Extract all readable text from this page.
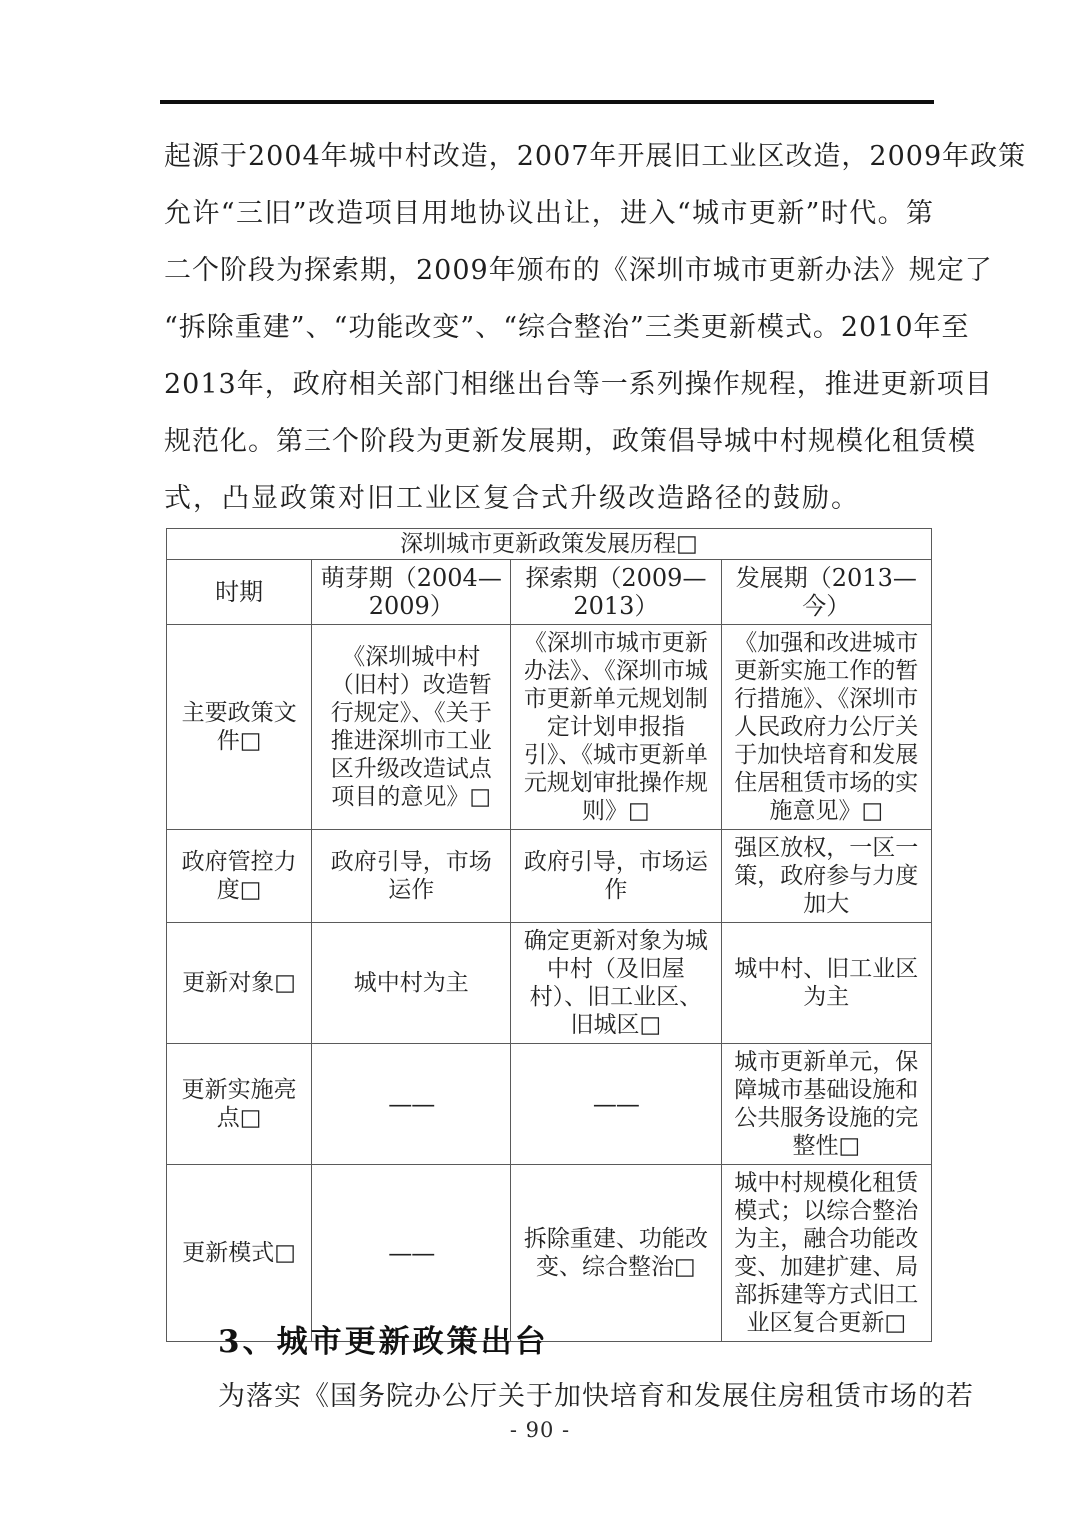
起源于2004年城中村改造，2007年开展旧工业区改造，2009年政策
允许“三旧”改造项目用地协议出让，进入“城市更新”时代。第
二个阶段为探索期，2009年颁布的《深圳市城市更新办法》规定了
“拆除重建”、“功能改变”、“综合整治”三类更新模式。2010年至
2013年，政府相关部门相继出台等一系列操作规程，推进更新项目
规范化。第三个阶段为更新发展期，政策倡导城中村规模化租赁模
式，凸显政策对旧工业区复合式升级改造路径的鼓励。
深圳城市更新政策发展历程□			
时期	萌芽期（2004—2009）	探索期（2009—2013）	发展期（2013—今）
主要政策文件□	《深圳城中村（旧村）改造暂行规定》、《关于推进深圳市工业区升级改造试点项目的意见》□	《深圳市城市更新办法》、《深圳市城市更新单元规划制定计划申报指引》、《城市更新单元规划审批操作规则》□	《加强和改进城市更新实施工作的暂行措施》、《深圳市人民政府力公厅关于加快培育和发展住居租赁市场的实施意见》□
政府管控力度□	政府引导，市场运作	政府引导，市场运作	强区放权，一区一策，政府参与力度加大
更新对象□	城中村为主	确定更新对象为城中村（及旧屋村）、旧工业区、旧城区□	城中村、旧工业区为主
更新实施亮点□	——	——	城市更新单元，保障城市基础设施和公共服务设施的完整性□
更新模式□	——	拆除重建、功能改变、综合整治□	城中村规模化租赁模式；以综合整治为主，融合功能改变、加建扩建、局部拆建等方式旧工业区复合更新□
3、城市更新政策出台
为落实《国务院办公厅关于加快培育和发展住房租赁市场的若
- 90 -
